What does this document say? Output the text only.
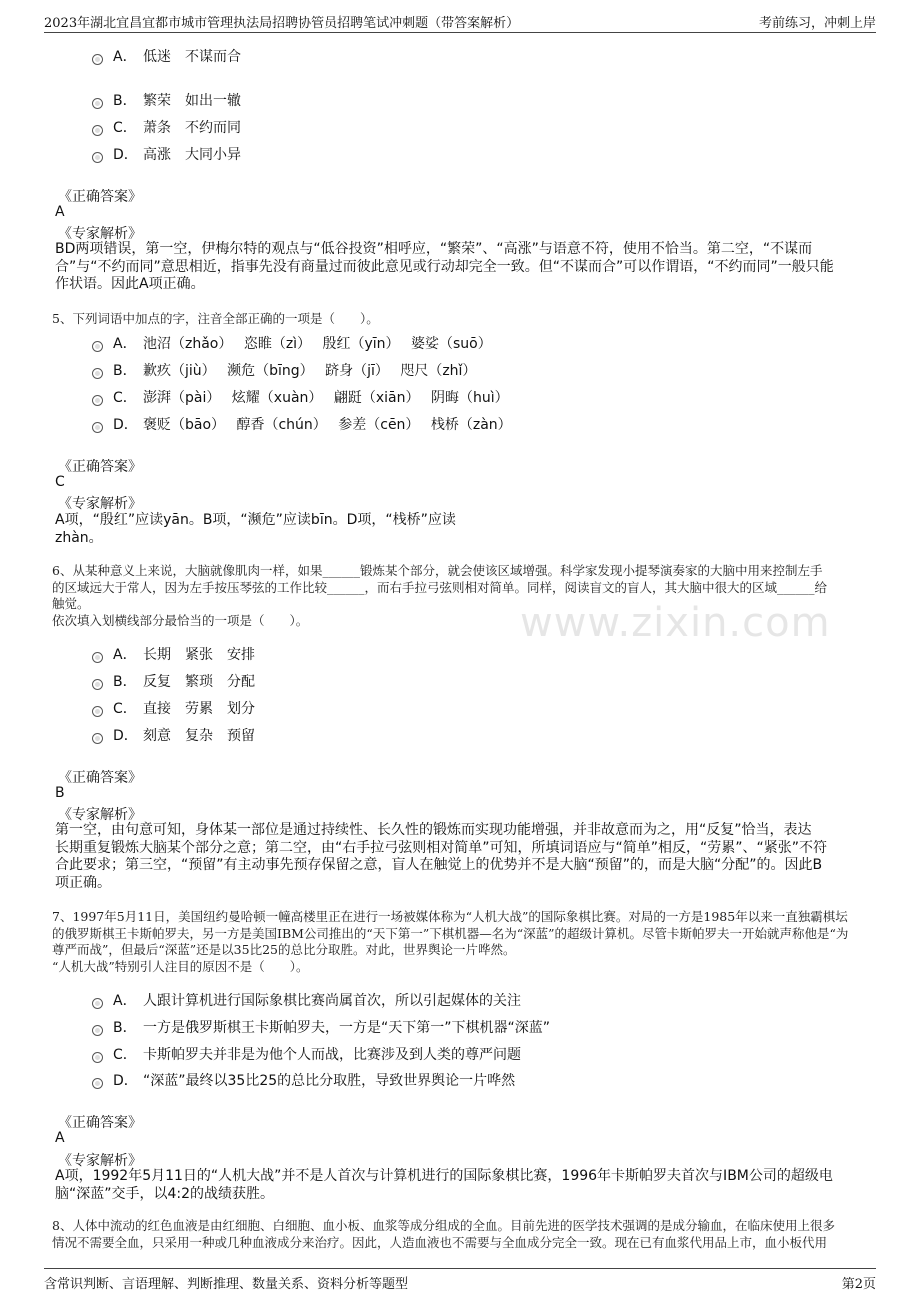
2023年湖北宜昌宜都市城市管理执法局招聘协管员招聘笔试冲刺题（带答案解析）	考前练习，冲刺上岸
www.zixin.com
A． 低迷　不谋而合
B． 繁荣　如出一辙
C． 萧条　不约而同
D． 高涨　大同小异
《正确答案》
A
《专家解析》
BD两项错误，第一空，伊梅尔特的观点与“低谷投资”相呼应，“繁荣”、“高涨”与语意不符，使用不恰当。第二空，“不谋而
合”与“不约而同”意思相近，指事先没有商量过而彼此意见或行动却完全一致。但“不谋而合”可以作谓语，“不约而同”一般只能
作状语。因此A项正确。
5、下列词语中加点的字，注音全部正确的一项是（　　）。
A． 池沼（zhǎo）　 恣睢（zì）　 殷红（yīn）　 婆娑（suō）
B． 歉疚（jiù）　 濒危（bīng）　 跻身（jī）　 咫尺（zhǐ）
C． 澎湃（pài）　 炫耀（xuàn）　 翩跹（xiān）　 阴晦（huì）
D． 褒贬（bāo）　 醇香（chún）　 参差（cēn）　 栈桥（zàn）
《正确答案》
C
《专家解析》
A项，“殷红”应读yān。B项，“濒危”应读bīn。D项，“栈桥”应读
zhàn。
6、从某种意义上来说，大脑就像肌肉一样，如果______锻炼某个部分，就会使该区域增强。科学家发现小提琴演奏家的大脑中用来控制左手
的区域远大于常人，因为左手按压琴弦的工作比较______，而右手拉弓弦则相对简单。同样，阅读盲文的盲人，其大脑中很大的区域______给
触觉。
依次填入划横线部分最恰当的一项是（　　）。
A． 长期　紧张　安排
B． 反复　繁琐　分配
C． 直接　劳累　划分
D． 刻意　复杂　预留
《正确答案》
B
《专家解析》
第一空，由句意可知，身体某一部位是通过持续性、长久性的锻炼而实现功能增强，并非故意而为之，用“反复”恰当，表达
长期重复锻炼大脑某个部分之意；第二空，由“右手拉弓弦则相对简单”可知，所填词语应与“简单”相反，“劳累”、“紧张”不符
合此要求；第三空，“预留”有主动事先预存保留之意，盲人在触觉上的优势并不是大脑“预留”的，而是大脑“分配”的。因此B
项正确。
7、1997年5月11日，美国纽约曼哈顿一幢高楼里正在进行一场被媒体称为“人机大战”的国际象棋比赛。对局的一方是1985年以来一直独霸棋坛
的俄罗斯棋王卡斯帕罗夫，另一方是美国IBM公司推出的“天下第一”下棋机器—名为“深蓝”的超级计算机。尽管卡斯帕罗夫一开始就声称他是“为
尊严而战”，但最后“深蓝”还是以35比25的总比分取胜。对此，世界舆论一片哗然。
“人机大战”特别引人注目的原因不是（　　）。
A． 人跟计算机进行国际象棋比赛尚属首次，所以引起媒体的关注
B． 一方是俄罗斯棋王卡斯帕罗夫，一方是“天下第一”下棋机器“深蓝”
C． 卡斯帕罗夫并非是为他个人而战，比赛涉及到人类的尊严问题
D． “深蓝”最终以35比25的总比分取胜，导致世界舆论一片哗然
《正确答案》
A
《专家解析》
A项，1992年5月11日的“人机大战”并不是人首次与计算机进行的国际象棋比赛，1996年卡斯帕罗夫首次与IBM公司的超级电
脑“深蓝”交手，以4:2的战绩获胜。
8、人体中流动的红色血液是由红细胞、白细胞、血小板、血浆等成分组成的全血。目前先进的医学技术强调的是成分输血，在临床使用上很多
情况不需要全血，只采用一种或几种血液成分来治疗。因此，人造血液也不需要与全血成分完全一致。现在已有血浆代用品上市，血小板代用
含常识判断、言语理解、判断推理、数量关系、资料分析等题型	第2页
